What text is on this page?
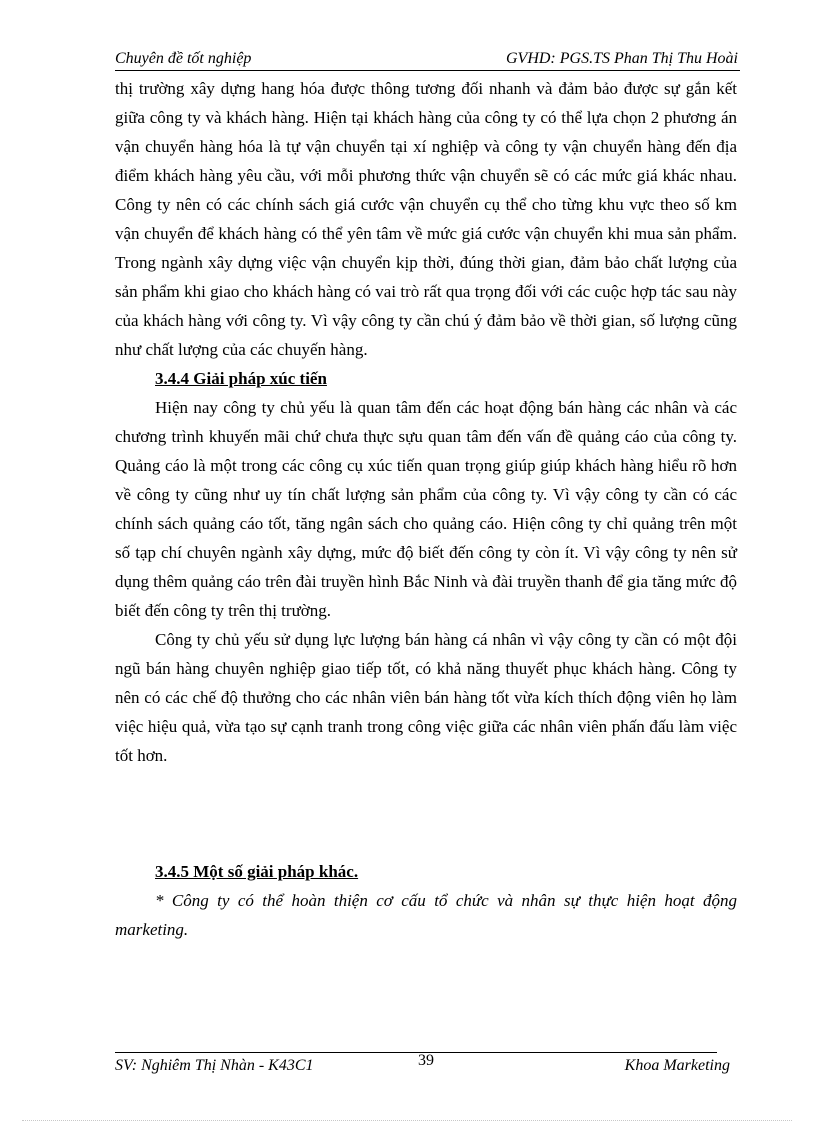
Chuyên đề tốt nghiệp	GVHD: PGS.TS Phan Thị Thu Hoài

thị trường xây dựng hang hóa được thông tương đối nhanh và đảm bảo được sự gắn kết giữa công ty và khách hàng. Hiện tại khách hàng của công ty có thể lựa chọn 2 phương án vận chuyển hàng hóa là tự vận chuyển tại xí nghiệp và công ty vận chuyển hàng đến địa điểm khách hàng yêu cầu, với mỗi phương thức vận chuyển sẽ có các mức giá khác nhau. Công ty nên có các chính sách giá cước vận chuyển cụ thể cho từng khu vực theo số km vận chuyển để khách hàng có thể yên tâm về mức giá cước vận chuyển khi mua sản phẩm. Trong ngành xây dựng việc vận chuyển kịp thời, đúng thời gian, đảm bảo chất lượng của sản phẩm khi giao cho khách hàng có vai trò rất qua trọng đối với các cuộc hợp tác sau này của khách hàng với công ty. Vì vậy công ty cần chú ý đảm bảo về thời gian, số lượng cũng như chất lượng của các chuyến hàng.

3.4.4 Giải pháp xúc tiến

Hiện nay công ty chủ yếu là quan tâm đến các hoạt động bán hàng các nhân và các chương trình khuyến mãi chứ chưa thực sựu quan tâm đến vấn đề quảng cáo của công ty. Quảng cáo là một trong các công cụ xúc tiến quan trọng giúp giúp khách hàng hiểu rõ hơn về công ty cũng như uy tín chất lượng sản phẩm của công ty. Vì vậy công ty cần có các chính sách quảng cáo tốt, tăng ngân sách cho quảng cáo. Hiện công ty chỉ quảng trên một số tạp chí chuyên ngành xây dựng, mức độ biết đến công ty còn ít. Vì vậy công ty nên sử dụng thêm quảng cáo trên đài truyền hình Bắc Ninh và đài truyền thanh để gia tăng mức độ biết đến công ty trên thị trường.

Công ty chủ yếu sử dụng lực lượng bán hàng cá nhân vì vậy công ty cần có một đội ngũ bán hàng chuyên nghiệp giao tiếp tốt, có khả năng thuyết phục khách hàng. Công ty nên có các chế độ thưởng cho các nhân viên bán hàng tốt vừa kích thích động viên họ làm việc hiệu quả, vừa tạo sự cạnh tranh trong công việc giữa các nhân viên phấn đấu làm việc tốt hơn.

3.4.5 Một số giải pháp khác.

* Công ty có thể hoàn thiện cơ cấu tổ chức và nhân sự thực hiện hoạt động marketing.

SV: Nghiêm Thị Nhàn - K43C1	39	Khoa Marketing
